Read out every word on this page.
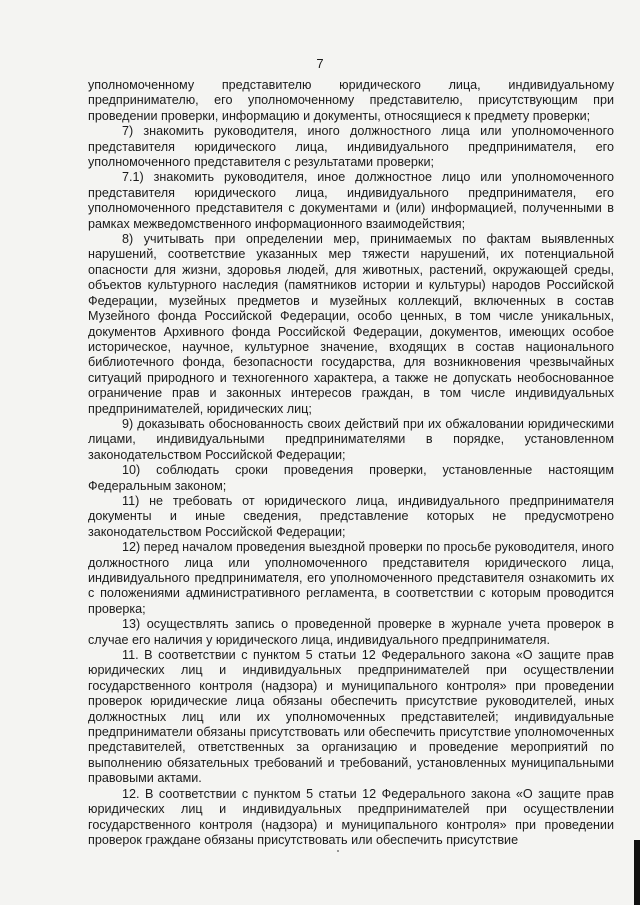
7

уполномоченному представителю юридического лица, индивидуальному предпринимателю, его уполномоченному представителю, присутствующим при проведении проверки, информацию и документы, относящиеся к предмету проверки;

7) знакомить руководителя, иного должностного лица или уполномоченного представителя юридического лица, индивидуального предпринимателя, его уполномоченного представителя с результатами проверки;

7.1) знакомить руководителя, иное должностное лицо или уполномоченного представителя юридического лица, индивидуального предпринимателя, его уполномоченного представителя с документами и (или) информацией, полученными в рамках межведомственного информационного взаимодействия;

8) учитывать при определении мер, принимаемых по фактам выявленных нарушений, соответствие указанных мер тяжести нарушений, их потенциальной опасности для жизни, здоровья людей, для животных, растений, окружающей среды, объектов культурного наследия (памятников истории и культуры) народов Российской Федерации, музейных предметов и музейных коллекций, включенных в состав Музейного фонда Российской Федерации, особо ценных, в том числе уникальных, документов Архивного фонда Российской Федерации, документов, имеющих особое историческое, научное, культурное значение, входящих в состав национального библиотечного фонда, безопасности государства, для возникновения чрезвычайных ситуаций природного и техногенного характера, а также не допускать необоснованное ограничение прав и законных интересов граждан, в том числе индивидуальных предпринимателей, юридических лиц;

9) доказывать обоснованность своих действий при их обжаловании юридическими лицами, индивидуальными предпринимателями в порядке, установленном законодательством Российской Федерации;

10) соблюдать сроки проведения проверки, установленные настоящим Федеральным законом;

11) не требовать от юридического лица, индивидуального предпринимателя документы и иные сведения, представление которых не предусмотрено законодательством Российской Федерации;

12) перед началом проведения выездной проверки по просьбе руководителя, иного должностного лица или уполномоченного представителя юридического лица, индивидуального предпринимателя, его уполномоченного представителя ознакомить их с положениями административного регламента, в соответствии с которым проводится проверка;

13) осуществлять запись о проведенной проверке в журнале учета проверок в случае его наличия у юридического лица, индивидуального предпринимателя.

11. В соответствии с пунктом 5 статьи 12 Федерального закона «О защите прав юридических лиц и индивидуальных предпринимателей при осуществлении государственного контроля (надзора) и муниципального контроля» при проведении проверок юридические лица обязаны обеспечить присутствие руководителей, иных должностных лиц или их уполномоченных представителей; индивидуальные предприниматели обязаны присутствовать или обеспечить присутствие уполномоченных представителей, ответственных за организацию и проведение мероприятий по выполнению обязательных требований и требований, установленных муниципальными правовыми актами.

12. В соответствии с пунктом 5 статьи 12 Федерального закона «О защите прав юридических лиц и индивидуальных предпринимателей при осуществлении государственного контроля (надзора) и муниципального контроля» при проведении проверок граждане обязаны присутствовать или обеспечить присутствие
